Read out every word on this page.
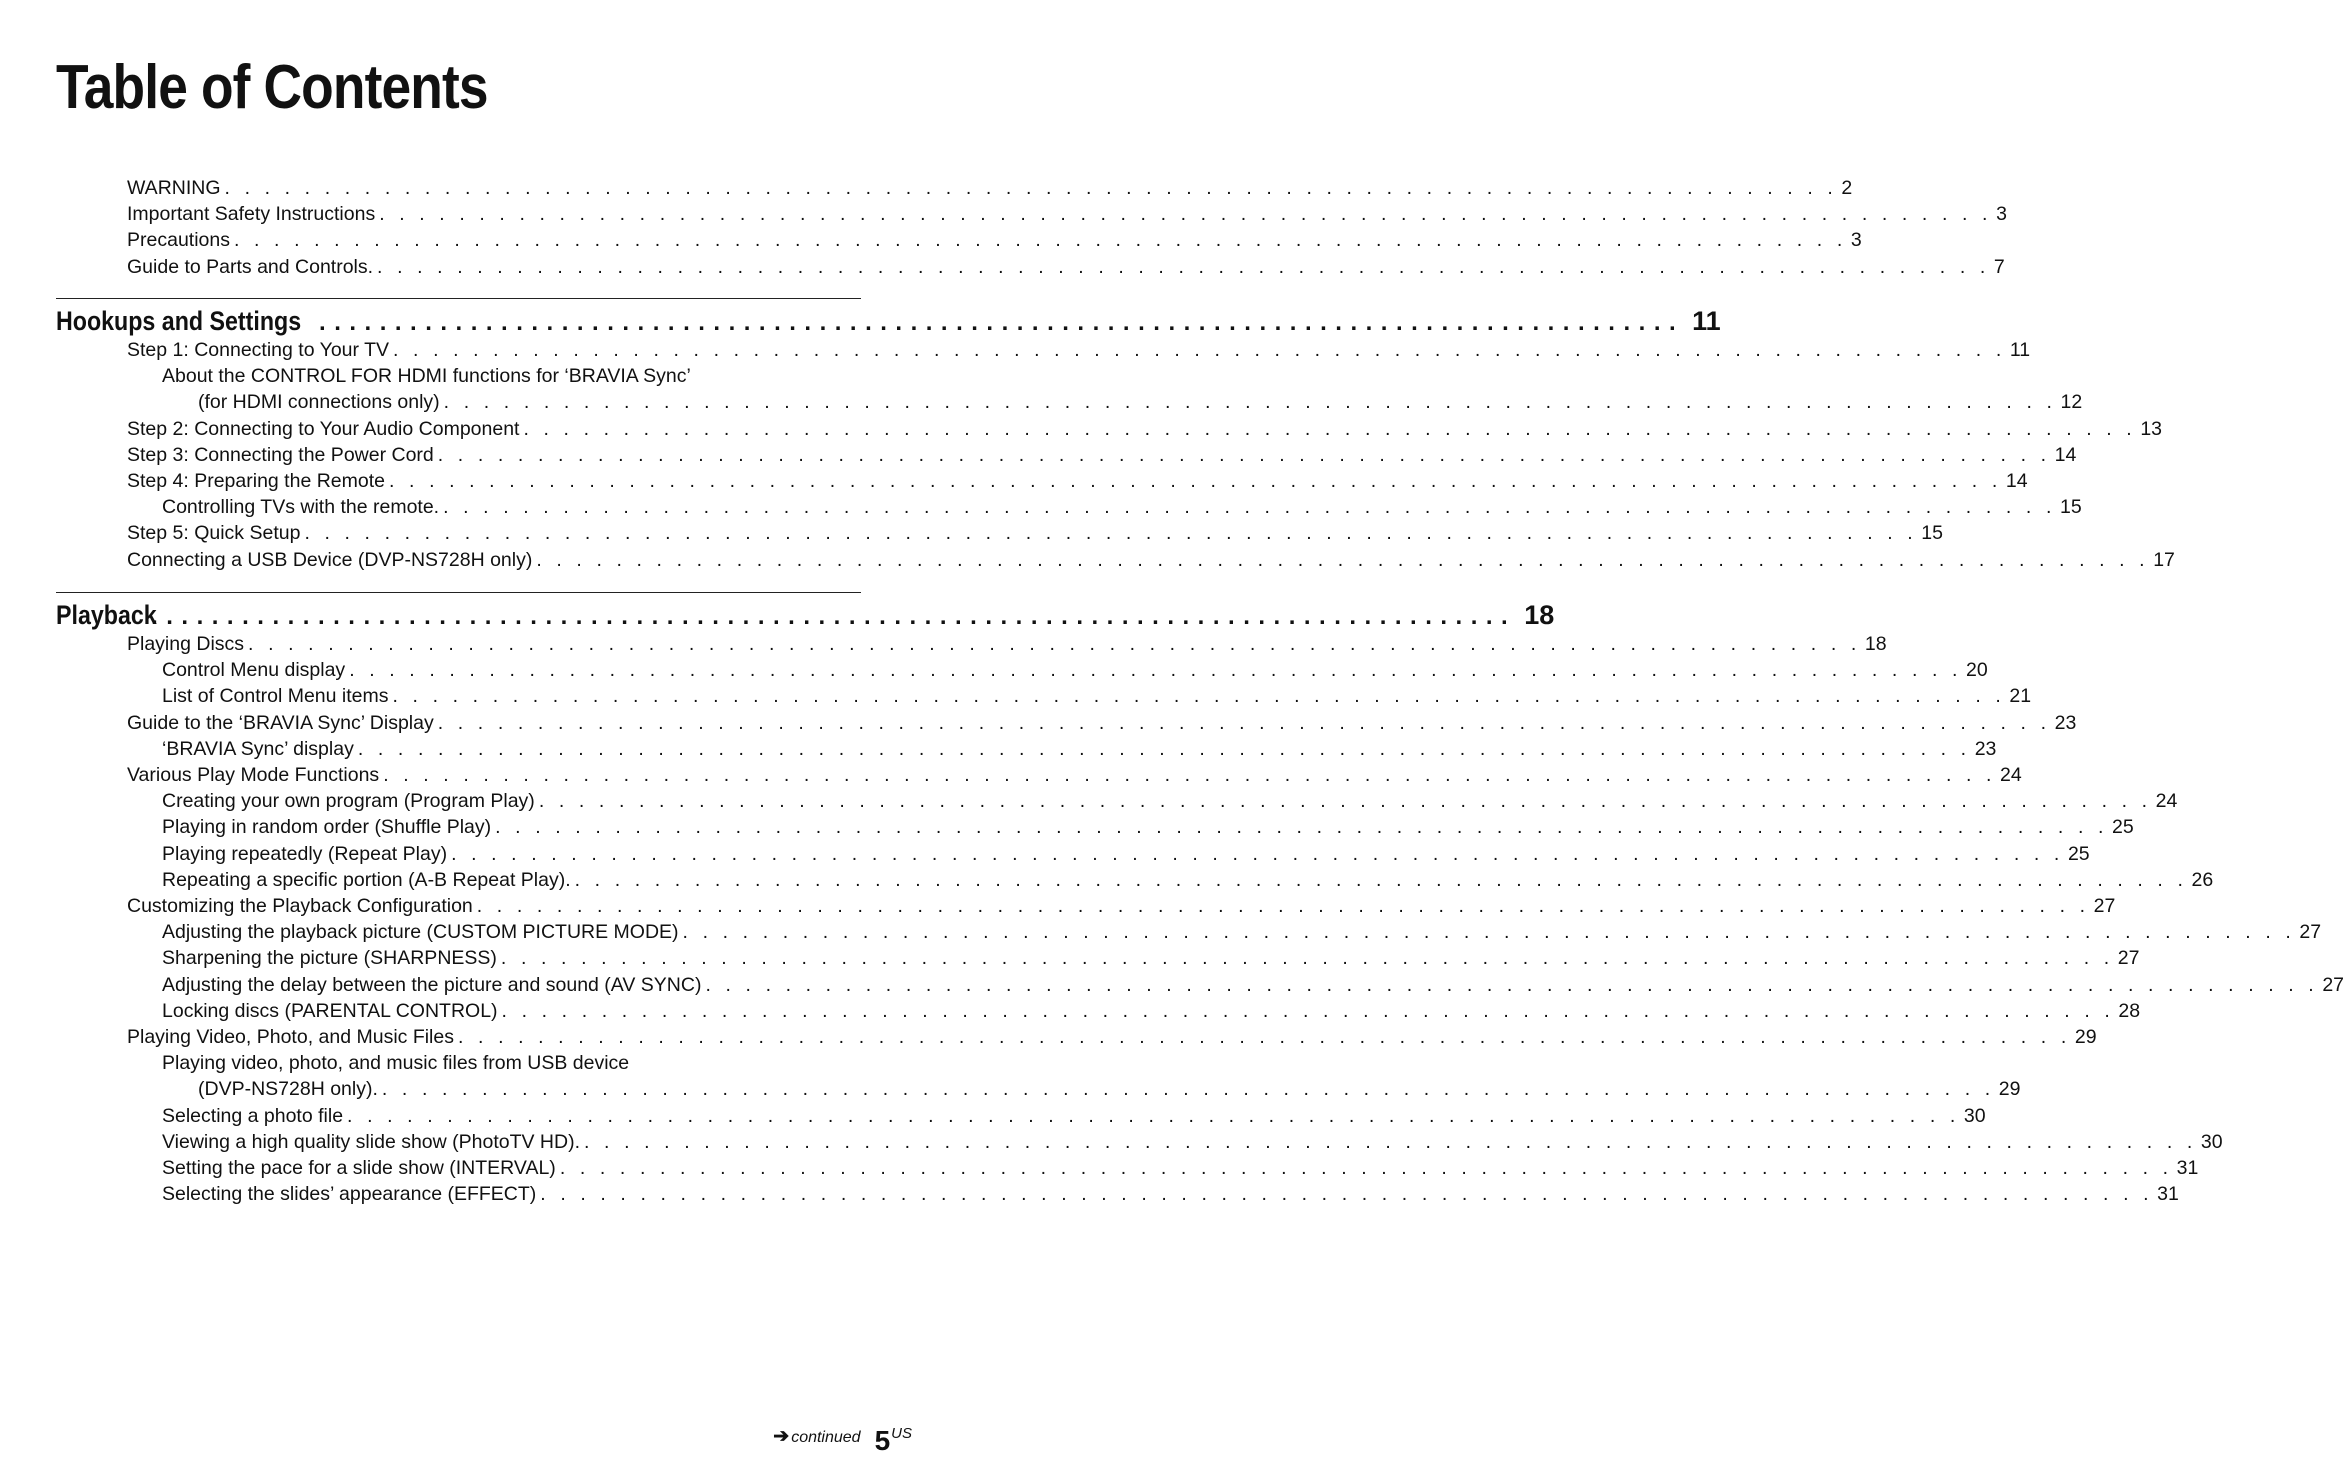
Table of Contents
➔ continued 5 US
WARNING . . .	2
Important Safety Instructions . . .	3
Precautions . . .	3
Guide to Parts and Controls. . . .	7
Hookups and Settings .....	11
Step 1: Connecting to Your TV . . .	11
About the CONTROL FOR HDMI functions for ‘BRAVIA Sync’
(for HDMI connections only) . . .	12
Step 2: Connecting to Your Audio Component . . .	13
Step 3: Connecting the Power Cord . . .	14
Step 4: Preparing the Remote . . .	14
Controlling TVs with the remote. . . .	15
Step 5: Quick Setup . . .	15
Connecting a USB Device (DVP-NS728H only) . . .	17
Playback .....	18
Playing Discs . . .	18
Control Menu display . . .	20
List of Control Menu items . . .	21
Guide to the ‘BRAVIA Sync’ Display . . .	23
‘BRAVIA Sync’ display . . .	23
Various Play Mode Functions . . .	24
Creating your own program (Program Play) . . .	24
Playing in random order (Shuffle Play) . . .	25
Playing repeatedly (Repeat Play) . . .	25
Repeating a specific portion (A-B Repeat Play). . . .	26
Customizing the Playback Configuration . . .	27
Adjusting the playback picture (CUSTOM PICTURE MODE) . . .	27
Sharpening the picture (SHARPNESS) . . .	27
Adjusting the delay between the picture and sound (AV SYNC) . . .	27
Locking discs (PARENTAL CONTROL) . . .	28
Playing Video, Photo, and Music Files . . .	29
Playing video, photo, and music files from USB device
(DVP-NS728H only). . . .	29
Selecting a photo file . . .	30
Viewing a high quality slide show (PhotoTV HD). . . .	30
Setting the pace for a slide show (INTERVAL) . . .	31
Selecting the slides’ appearance (EFFECT) . . .	31
